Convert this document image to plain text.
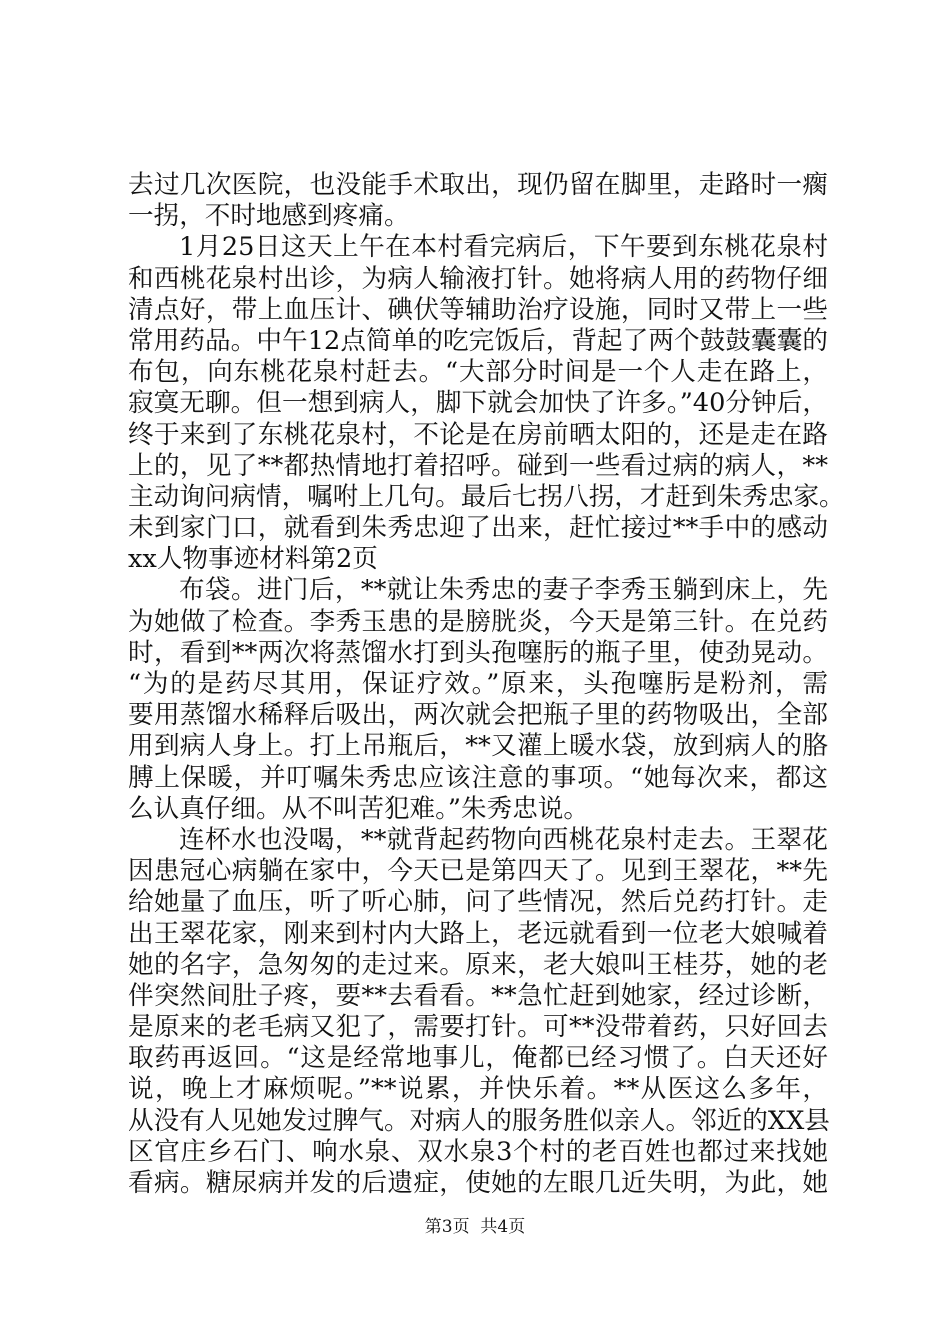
去过几次医院，也没能手术取出，现仍留在脚里，走路时一瘸
一拐，不时地感到疼痛。
1月25日这天上午在本村看完病后，下午要到东桃花泉村
和西桃花泉村出诊，为病人输液打针。她将病人用的药物仔细
清点好，带上血压计、碘伏等辅助治疗设施，同时又带上一些
常用药品。中午12点简单的吃完饭后，背起了两个鼓鼓囊囊的
布包，向东桃花泉村赶去。“大部分时间是一个人走在路上，
寂寞无聊。但一想到病人，脚下就会加快了许多。”40分钟后，
终于来到了东桃花泉村，不论是在房前晒太阳的，还是走在路
上的，见了**都热情地打着招呼。碰到一些看过病的病人，**
主动询问病情，嘱咐上几句。最后七拐八拐，才赶到朱秀忠家。
未到家门口，就看到朱秀忠迎了出来，赶忙接过**手中的感动
xx人物事迹材料第2页
布袋。进门后，**就让朱秀忠的妻子李秀玉躺到床上，先
为她做了检查。李秀玉患的是膀胱炎，今天是第三针。在兑药
时，看到**两次将蒸馏水打到头孢噻肟的瓶子里，使劲晃动。
“为的是药尽其用，保证疗效。”原来，头孢噻肟是粉剂，需
要用蒸馏水稀释后吸出，两次就会把瓶子里的药物吸出，全部
用到病人身上。打上吊瓶后，**又灌上暖水袋，放到病人的胳
膊上保暖，并叮嘱朱秀忠应该注意的事项。“她每次来，都这
么认真仔细。从不叫苦犯难。”朱秀忠说。
连杯水也没喝，**就背起药物向西桃花泉村走去。王翠花
因患冠心病躺在家中，今天已是第四天了。见到王翠花，**先
给她量了血压，听了听心肺，问了些情况，然后兑药打针。走
出王翠花家，刚来到村内大路上，老远就看到一位老大娘喊着
她的名字，急匆匆的走过来。原来，老大娘叫王桂芬，她的老
伴突然间肚子疼，要**去看看。**急忙赶到她家，经过诊断，
是原来的老毛病又犯了，需要打针。可**没带着药，只好回去
取药再返回。“这是经常地事儿，俺都已经习惯了。白天还好
说，晚上才麻烦呢。”**说累，并快乐着。**从医这么多年，
从没有人见她发过脾气。对病人的服务胜似亲人。邻近的XX县
区官庄乡石门、响水泉、双水泉3个村的老百姓也都过来找她
看病。糖尿病并发的后遗症，使她的左眼几近失明，为此，她
第3页  共4页
